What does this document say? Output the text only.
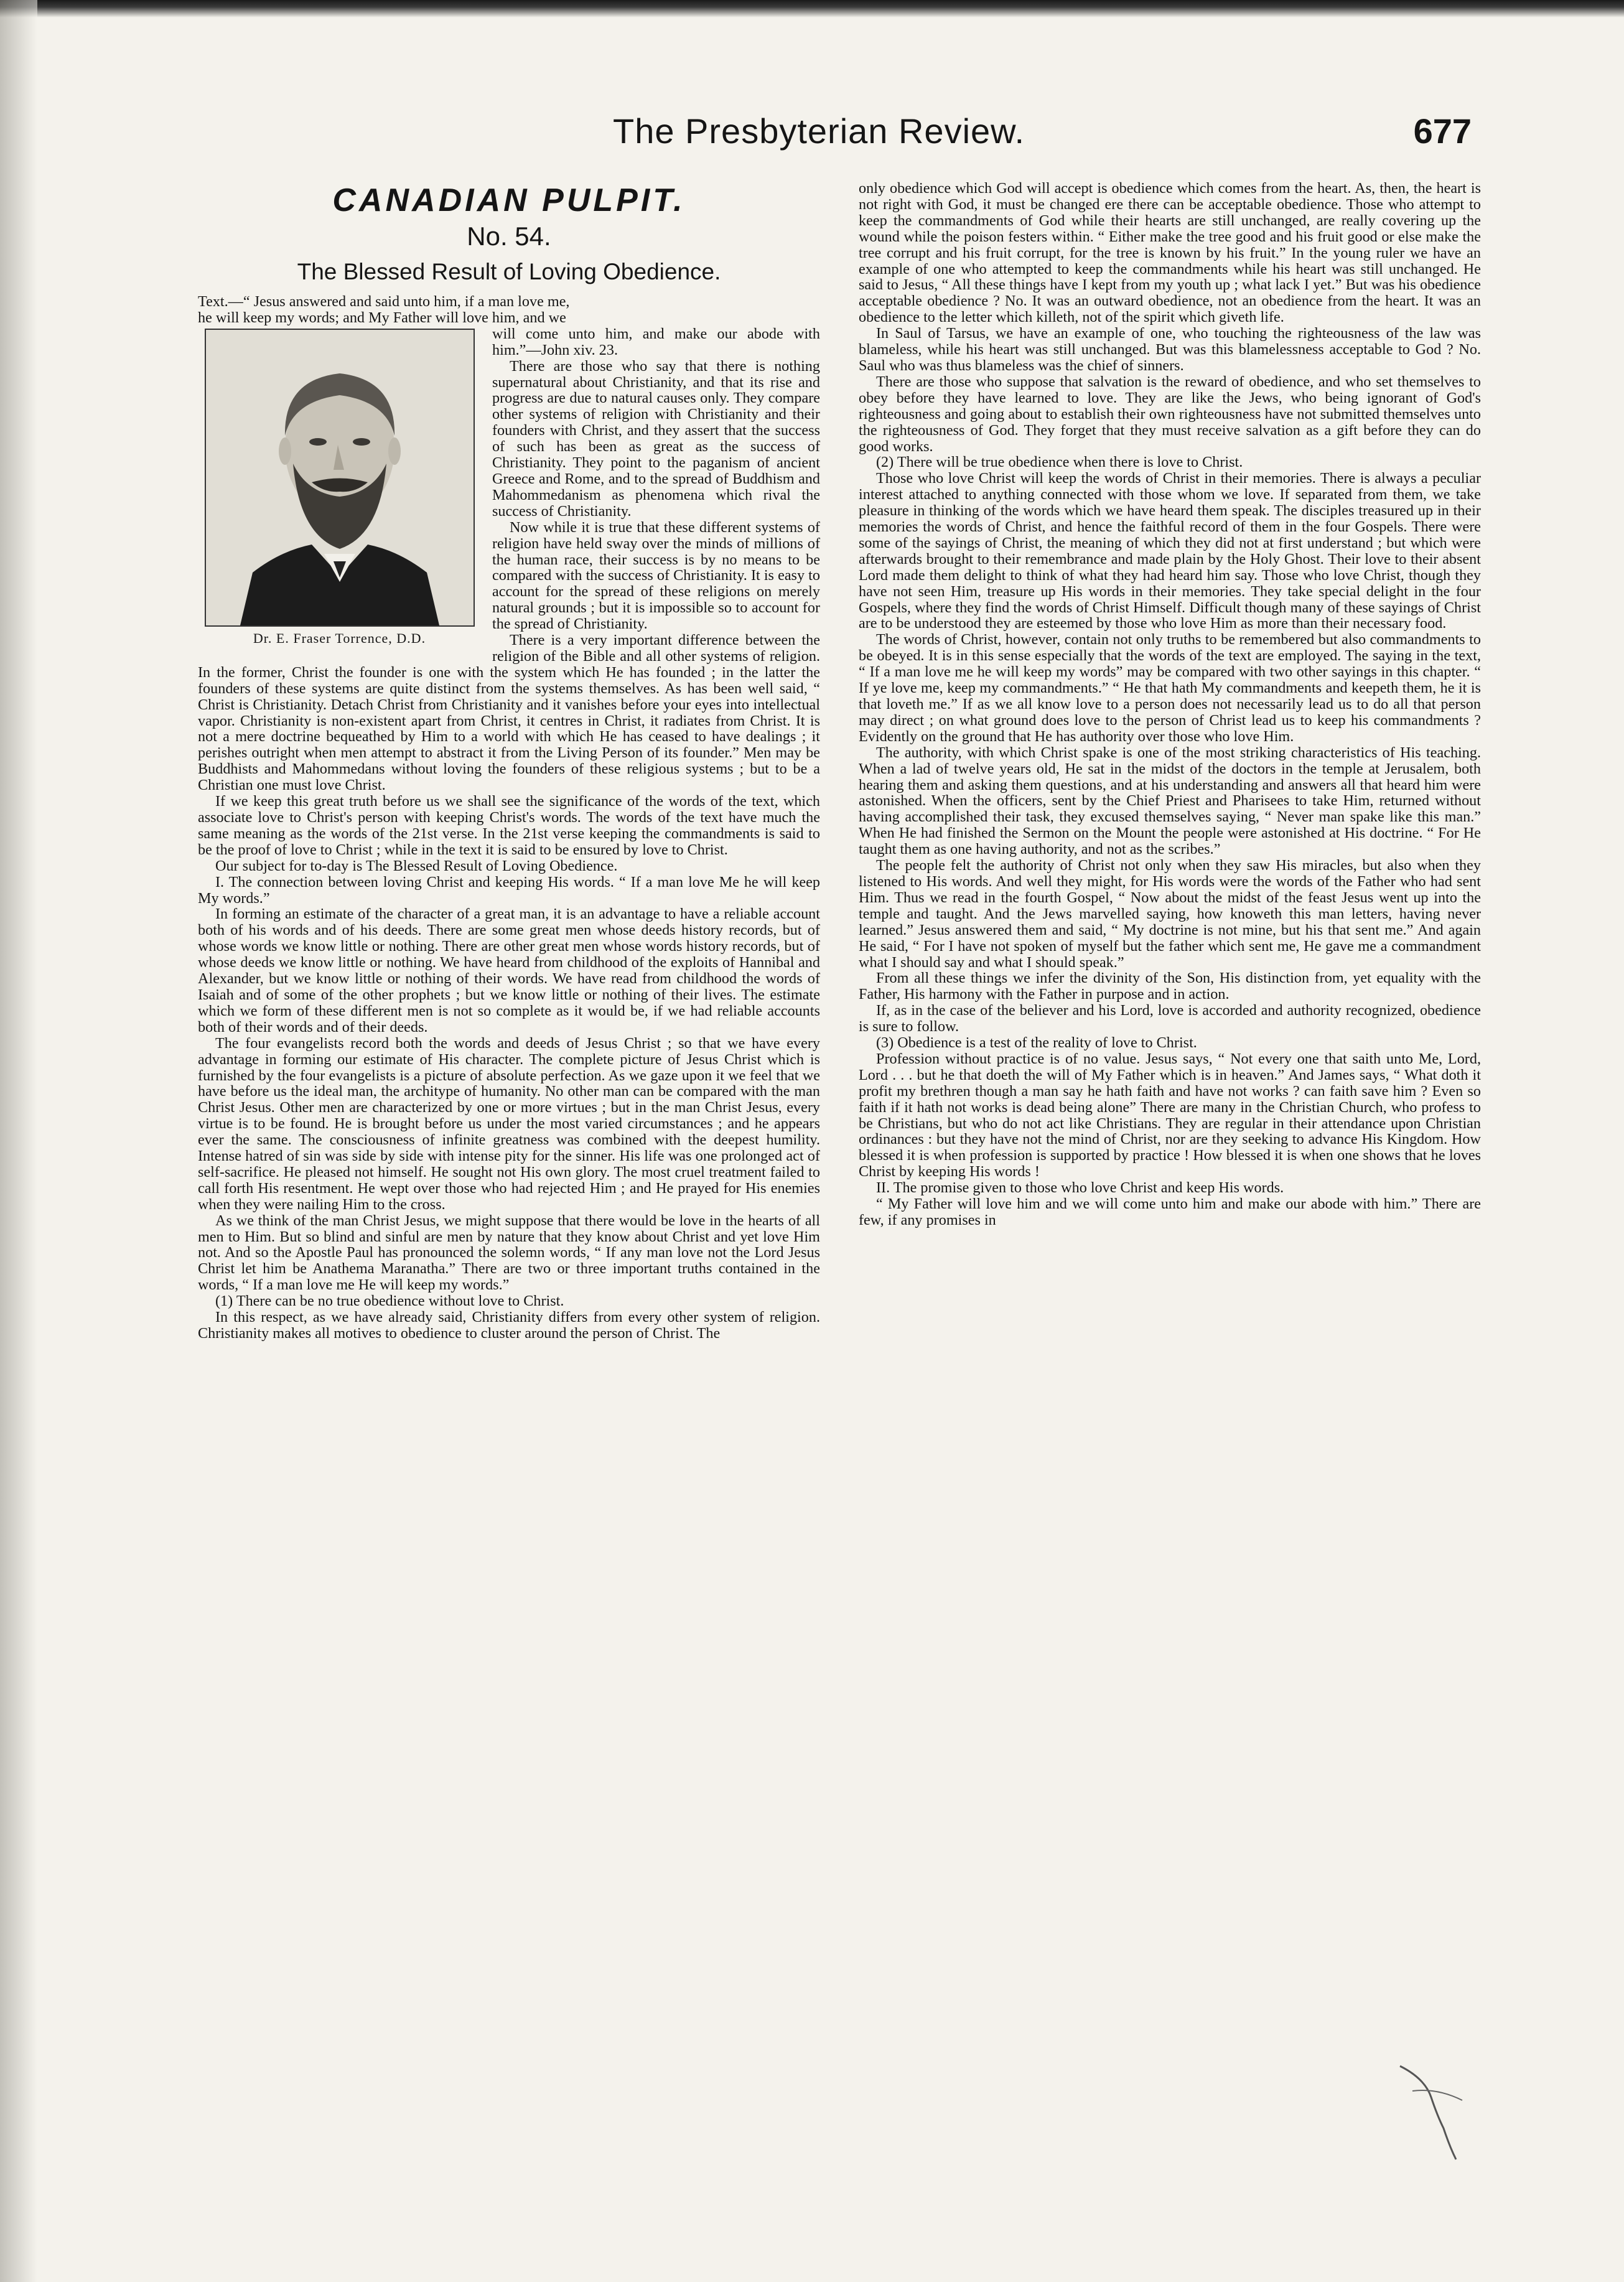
The Presbyterian Review.	677
CANADIAN PULPIT.
No. 54.
The Blessed Result of Loving Obedience.

Text.—“ Jesus answered and said unto him, if a man love me,

he will keep my words; and My Father will love him, and we

Dr. E. Fraser Torrence, D.D.

will come unto him, and make our abode with him.”—John xiv. 23.

There are those who say that there is nothing supernatural about Christianity, and that its rise and progress are due to natural causes only. They compare other systems of religion with Christianity and their founders with Christ, and they assert that the success of such has been as great as the success of Christianity. They point to the paganism of ancient Greece and Rome, and to the spread of Buddhism and Mahommedanism as phenomena which rival the success of Christianity.

Now while it is true that these different systems of religion have held sway over the minds of millions of the human race, their success is by no means to be compared with the success of Christianity. It is easy to account for the spread of these religions on merely natural grounds ; but it is impossible so to account for the spread of Christianity.

There is a very important difference between the religion of the Bible and all other systems of religion. In the former, Christ the founder is one with the system which He has founded ; in the latter the founders of these systems are quite distinct from the systems themselves. As has been well said, “ Christ is Christianity. Detach Christ from Christianity and it vanishes before your eyes into intellectual vapor. Christianity is non-existent apart from Christ, it centres in Christ, it radiates from Christ. It is not a mere doctrine bequeathed by Him to a world with which He has ceased to have dealings ; it perishes outright when men attempt to abstract it from the Living Person of its founder.” Men may be Buddhists and Mahommedans without loving the founders of these religious systems ; but to be a Christian one must love Christ.

If we keep this great truth before us we shall see the significance of the words of the text, which associate love to Christ's person with keeping Christ's words. The words of the text have much the same meaning as the words of the 21st verse. In the 21st verse keeping the commandments is said to be the proof of love to Christ ; while in the text it is said to be ensured by love to Christ.

Our subject for to-day is The Blessed Result of Loving Obedience.

I. The connection between loving Christ and keeping His words. “ If a man love Me he will keep My words.”

In forming an estimate of the character of a great man, it is an advantage to have a reliable account both of his words and of his deeds. There are some great men whose deeds history records, but of whose words we know little or nothing. There are other great men whose words history records, but of whose deeds we know little or nothing. We have heard from childhood of the exploits of Hannibal and Alexander, but we know little or nothing of their words. We have read from childhood the words of Isaiah and of some of the other prophets ; but we know little or nothing of their lives. The estimate which we form of these different men is not so complete as it would be, if we had reliable accounts both of their words and of their deeds.

The four evangelists record both the words and deeds of Jesus Christ ; so that we have every advantage in forming our estimate of His character. The complete picture of Jesus Christ which is furnished by the four evangelists is a picture of absolute perfection. As we gaze upon it we feel that we have before us the ideal man, the architype of humanity. No other man can be compared with the man Christ Jesus. Other men are characterized by one or more virtues ; but in the man Christ Jesus, every virtue is to be found. He is brought before us under the most varied circumstances ; and he appears ever the same. The consciousness of infinite greatness was combined with the deepest humility. Intense hatred of sin was side by side with intense pity for the sinner. His life was one prolonged act of self-sacrifice. He pleased not himself. He sought not His own glory. The most cruel treatment failed to call forth His resentment. He wept over those who had rejected Him ; and He prayed for His enemies when they were nailing Him to the cross.

As we think of the man Christ Jesus, we might suppose that there would be love in the hearts of all men to Him. But so blind and sinful are men by nature that they know about Christ and yet love Him not. And so the Apostle Paul has pronounced the solemn words, “ If any man love not the Lord Jesus Christ let him be Anathema Maranatha.” There are two or three important truths contained in the words, “ If a man love me He will keep my words.”

(1) There can be no true obedience without love to Christ.

In this respect, as we have already said, Christianity differs from every other system of religion. Christianity makes all motives to obedience to cluster around the person of Christ. The

only obedience which God will accept is obedience which comes from the heart. As, then, the heart is not right with God, it must be changed ere there can be acceptable obedience. Those who attempt to keep the commandments of God while their hearts are still unchanged, are really covering up the wound while the poison festers within. “ Either make the tree good and his fruit good or else make the tree corrupt and his fruit corrupt, for the tree is known by his fruit.” In the young ruler we have an example of one who attempted to keep the commandments while his heart was still unchanged. He said to Jesus, “ All these things have I kept from my youth up ; what lack I yet.” But was his obedience acceptable obedience ? No. It was an outward obedience, not an obedience from the heart. It was an obedience to the letter which killeth, not of the spirit which giveth life.

In Saul of Tarsus, we have an example of one, who touching the righteousness of the law was blameless, while his heart was still unchanged. But was this blamelessness acceptable to God ? No. Saul who was thus blameless was the chief of sinners.

There are those who suppose that salvation is the reward of obedience, and who set themselves to obey before they have learned to love. They are like the Jews, who being ignorant of God's righteousness and going about to establish their own righteousness have not submitted themselves unto the righteousness of God. They forget that they must receive salvation as a gift before they can do good works.

(2) There will be true obedience when there is love to Christ.

Those who love Christ will keep the words of Christ in their memories. There is always a peculiar interest attached to anything connected with those whom we love. If separated from them, we take pleasure in thinking of the words which we have heard them speak. The disciples treasured up in their memories the words of Christ, and hence the faithful record of them in the four Gospels. There were some of the sayings of Christ, the meaning of which they did not at first understand ; but which were afterwards brought to their remembrance and made plain by the Holy Ghost. Their love to their absent Lord made them delight to think of what they had heard him say. Those who love Christ, though they have not seen Him, treasure up His words in their memories. They take special delight in the four Gospels, where they find the words of Christ Himself. Difficult though many of these sayings of Christ are to be understood they are esteemed by those who love Him as more than their necessary food.

The words of Christ, however, contain not only truths to be remembered but also commandments to be obeyed. It is in this sense especially that the words of the text are employed. The saying in the text, “ If a man love me he will keep my words” may be compared with two other sayings in this chapter. “ If ye love me, keep my commandments.” “ He that hath My commandments and keepeth them, he it is that loveth me.” If as we all know love to a person does not necessarily lead us to do all that person may direct ; on what ground does love to the person of Christ lead us to keep his commandments ? Evidently on the ground that He has authority over those who love Him.

The authority, with which Christ spake is one of the most striking characteristics of His teaching. When a lad of twelve years old, He sat in the midst of the doctors in the temple at Jerusalem, both hearing them and asking them questions, and at his understanding and answers all that heard him were astonished. When the officers, sent by the Chief Priest and Pharisees to take Him, returned without having accomplished their task, they excused themselves saying, “ Never man spake like this man.” When He had finished the Sermon on the Mount the people were astonished at His doctrine. “ For He taught them as one having authority, and not as the scribes.”

The people felt the authority of Christ not only when they saw His miracles, but also when they listened to His words. And well they might, for His words were the words of the Father who had sent Him. Thus we read in the fourth Gospel, “ Now about the midst of the feast Jesus went up into the temple and taught. And the Jews marvelled saying, how knoweth this man letters, having never learned.” Jesus answered them and said, “ My doctrine is not mine, but his that sent me.” And again He said, “ For I have not spoken of myself but the father which sent me, He gave me a commandment what I should say and what I should speak.”

From all these things we infer the divinity of the Son, His distinction from, yet equality with the Father, His harmony with the Father in purpose and in action.

If, as in the case of the believer and his Lord, love is accorded and authority recognized, obedience is sure to follow.

(3) Obedience is a test of the reality of love to Christ.

Profession without practice is of no value. Jesus says, “ Not every one that saith unto Me, Lord, Lord . . . but he that doeth the will of My Father which is in heaven.” And James says, “ What doth it profit my brethren though a man say he hath faith and have not works ? can faith save him ? Even so faith if it hath not works is dead being alone” There are many in the Christian Church, who profess to be Christians, but who do not act like Christians. They are regular in their attendance upon Christian ordinances : but they have not the mind of Christ, nor are they seeking to advance His Kingdom. How blessed it is when profession is supported by practice ! How blessed it is when one shows that he loves Christ by keeping His words !

II. The promise given to those who love Christ and keep His words.

“ My Father will love him and we will come unto him and make our abode with him.” There are few, if any promises in
